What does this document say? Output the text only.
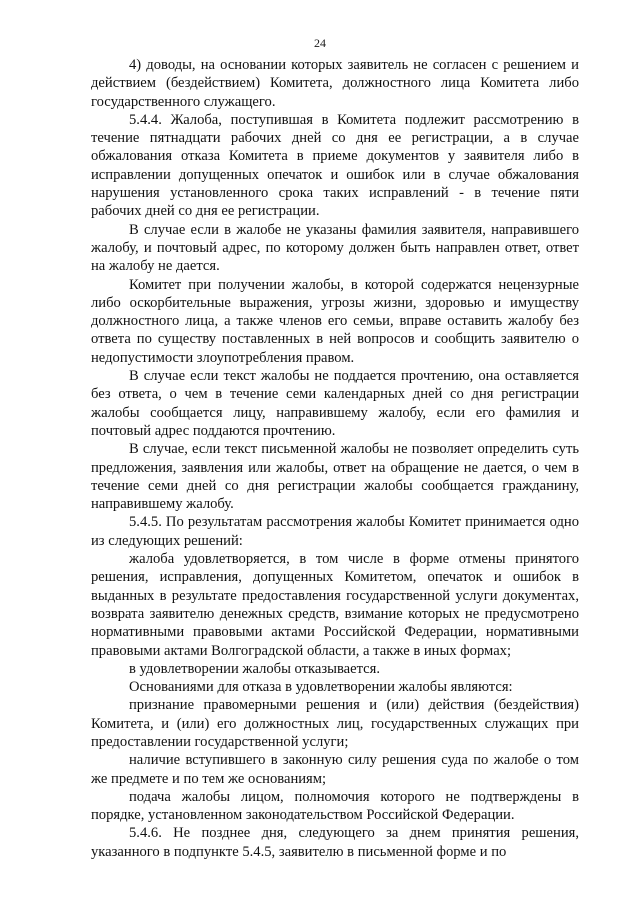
24

4) доводы, на основании которых заявитель не согласен с решением и действием (бездействием) Комитета, должностного лица Комитета либо государственного служащего.

5.4.4. Жалоба, поступившая в Комитета подлежит рассмотрению в течение пятнадцати рабочих дней со дня ее регистрации, а в случае обжалования отказа Комитета в приеме документов у заявителя либо в исправлении допущенных опечаток и ошибок или в случае обжалования нарушения установленного срока таких исправлений - в течение пяти рабочих дней со дня ее регистрации.

В случае если в жалобе не указаны фамилия заявителя, направившего жалобу, и почтовый адрес, по которому должен быть направлен ответ, ответ на жалобу не дается.

Комитет при получении жалобы, в которой содержатся нецензурные либо оскорбительные выражения, угрозы жизни, здоровью и имуществу должностного лица, а также членов его семьи, вправе оставить жалобу без ответа по существу поставленных в ней вопросов и сообщить заявителю о недопустимости злоупотребления правом.

В случае если текст жалобы не поддается прочтению, она оставляется без ответа, о чем в течение семи календарных дней со дня регистрации жалобы сообщается лицу, направившему жалобу, если его фамилия и почтовый адрес поддаются прочтению.

В случае, если текст письменной жалобы не позволяет определить суть предложения, заявления или жалобы, ответ на обращение не дается, о чем в течение семи дней со дня регистрации жалобы сообщается гражданину, направившему жалобу.

5.4.5. По результатам рассмотрения жалобы Комитет принимается одно из следующих решений:

жалоба удовлетворяется, в том числе в форме отмены принятого решения, исправления, допущенных Комитетом, опечаток и ошибок в выданных в результате предоставления государственной услуги документах, возврата заявителю денежных средств, взимание которых не предусмотрено нормативными правовыми актами Российской Федерации, нормативными правовыми актами Волгоградской области, а также в иных формах;

в удовлетворении жалобы отказывается.

Основаниями для отказа в удовлетворении жалобы являются:

признание правомерными решения и (или) действия (бездействия) Комитета, и (или) его должностных лиц, государственных служащих при предоставлении государственной услуги;

наличие вступившего в законную силу решения суда по жалобе о том же предмете и по тем же основаниям;

подача жалобы лицом, полномочия которого не подтверждены в порядке, установленном законодательством Российской Федерации.

5.4.6. Не позднее дня, следующего за днем принятия решения, указанного в подпункте 5.4.5, заявителю в письменной форме и по
